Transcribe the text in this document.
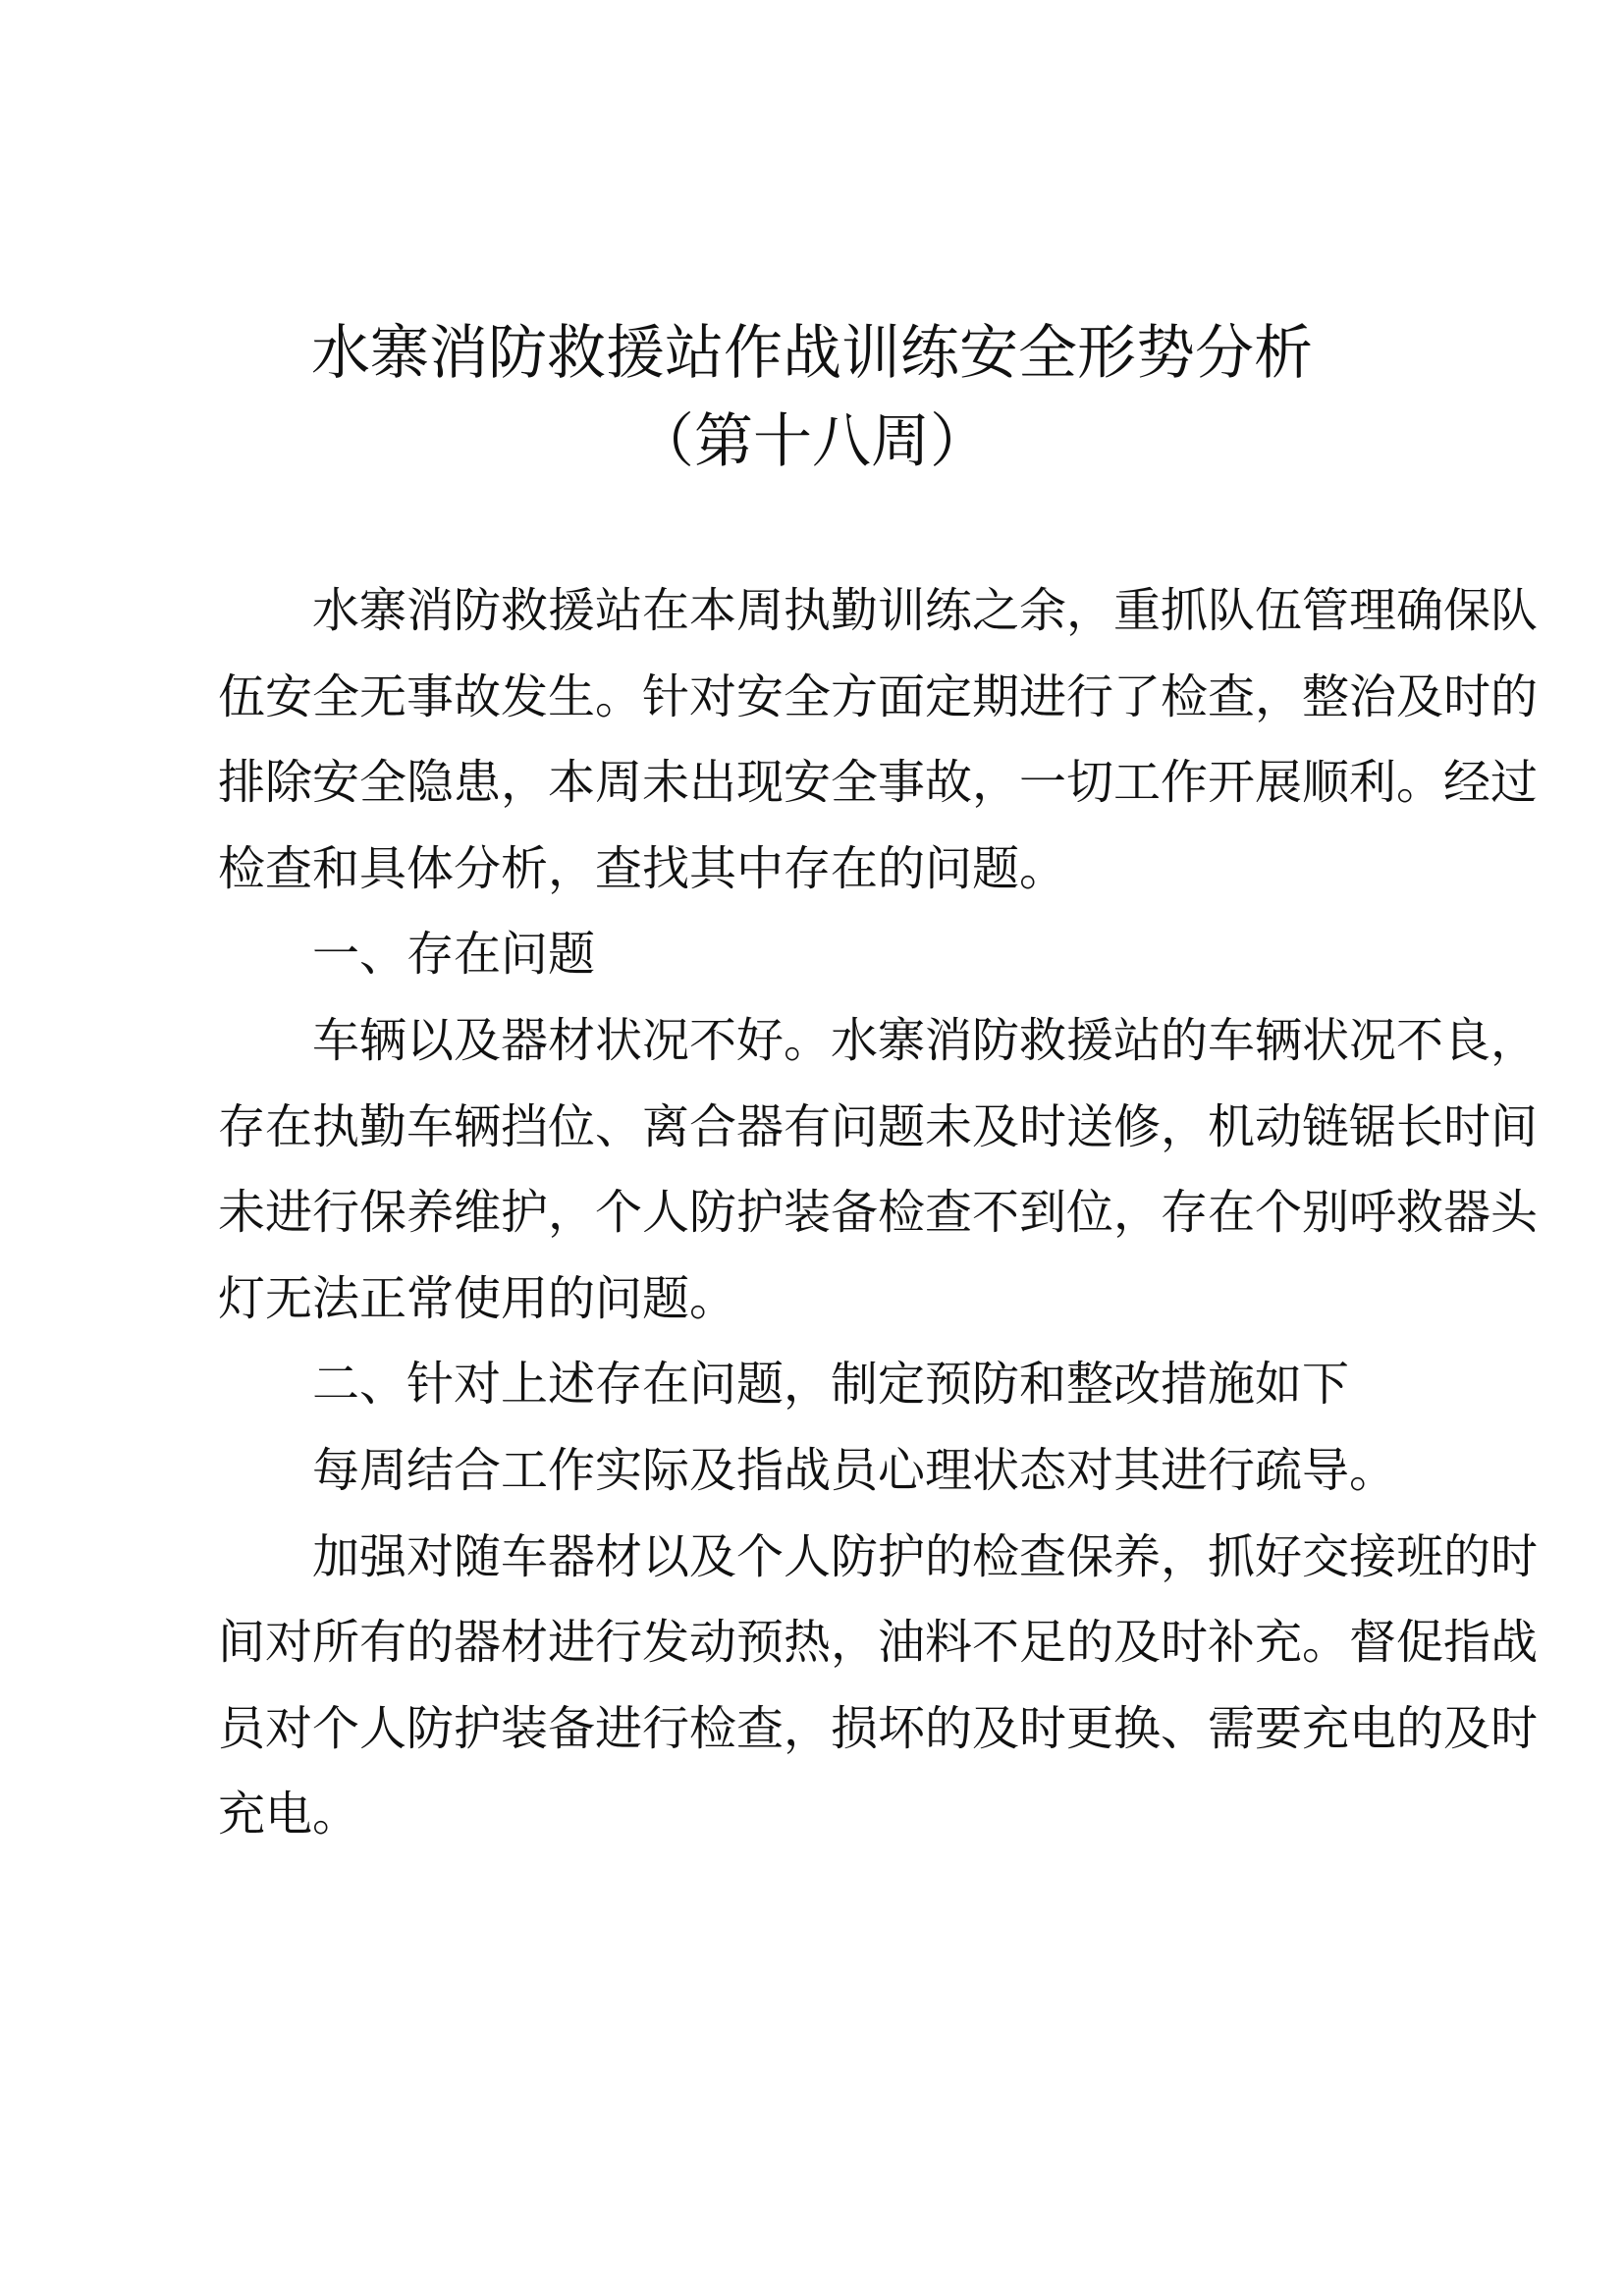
水寨消防救援站作战训练安全形势分析
（第十八周）
水寨消防救援站在本周执勤训练之余，重抓队伍管理确保队
伍安全无事故发生。针对安全方面定期进行了检查，整治及时的
排除安全隐患，本周未出现安全事故，一切工作开展顺利。经过
检查和具体分析，查找其中存在的问题。
一、存在问题
车辆以及器材状况不好。水寨消防救援站的车辆状况不良，
存在执勤车辆挡位、离合器有问题未及时送修，机动链锯长时间
未进行保养维护，个人防护装备检查不到位，存在个别呼救器头
灯无法正常使用的问题。
二、针对上述存在问题，制定预防和整改措施如下
每周结合工作实际及指战员心理状态对其进行疏导。
加强对随车器材以及个人防护的检查保养，抓好交接班的时
间对所有的器材进行发动预热，油料不足的及时补充。督促指战
员对个人防护装备进行检查，损坏的及时更换、需要充电的及时
充电。
